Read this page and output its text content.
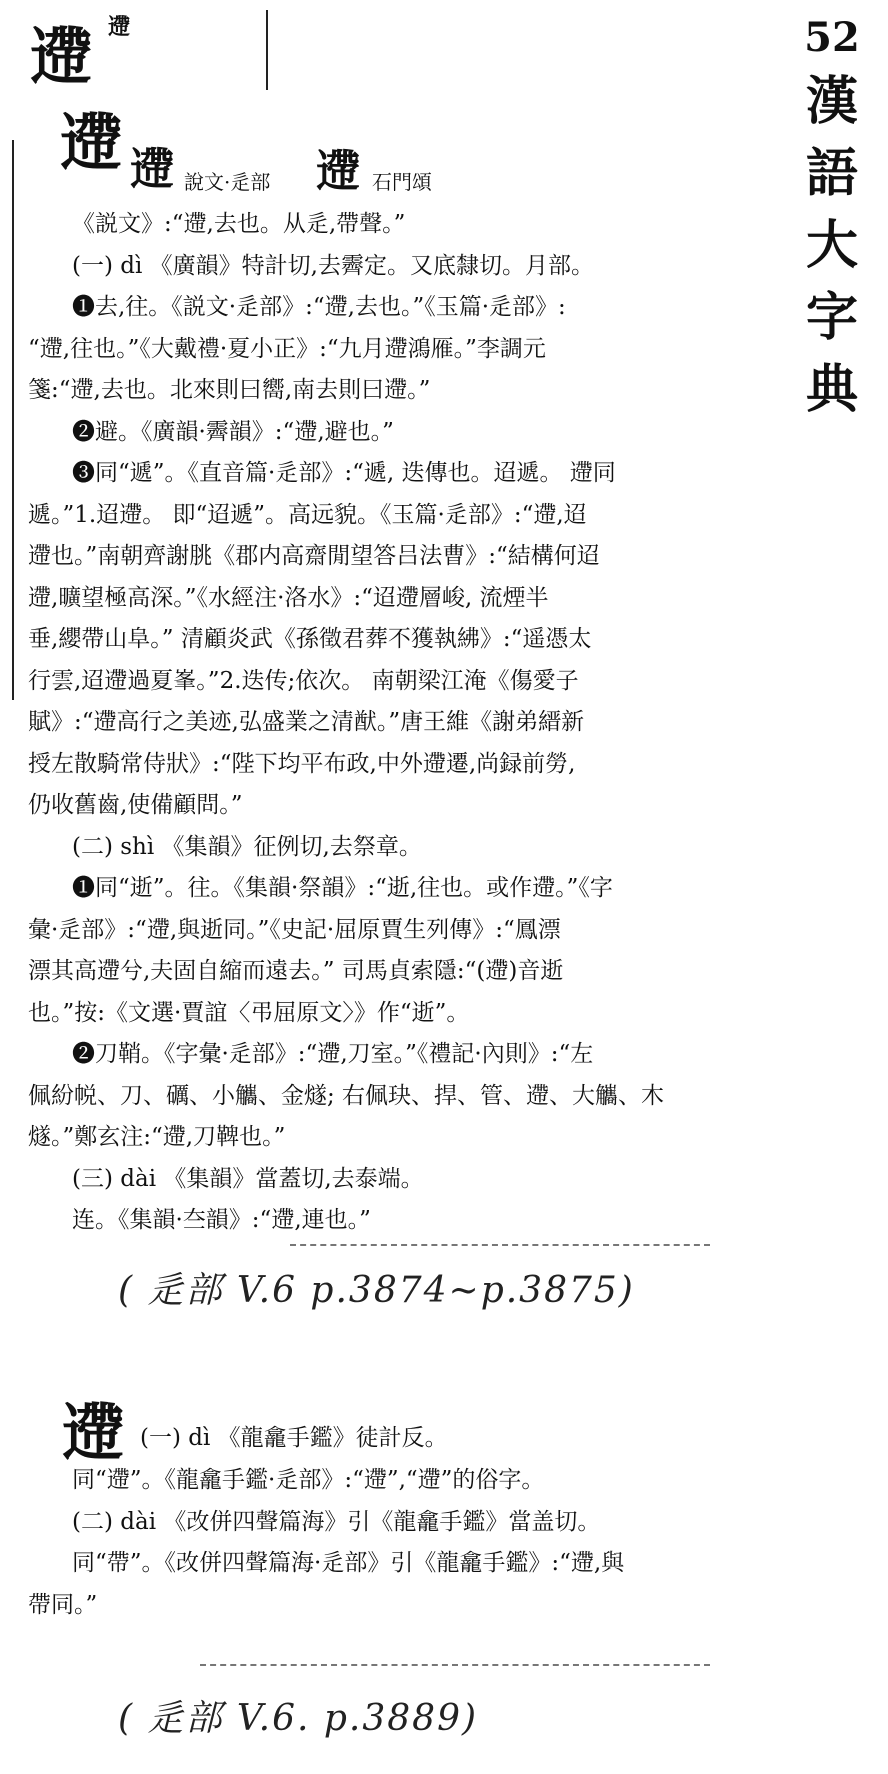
遰 遰	52
漢
語
大
字
典
遰 遰 說文·辵部 遰 石門頌

《説文》:“遰,去也。从辵,帶聲。”

(一) dì 《廣韻》特計切,去霽定。又底隸切。月部。

❶去,往。《説文·辵部》:“遰,去也。”《玉篇·辵部》:

“遰,往也。”《大戴禮·夏小正》:“九月遰鴻雁。”李調元

箋:“遰,去也。北來則曰嚮,南去則曰遰。”

❷避。《廣韻·霽韻》:“遰,避也。”

❸同“遞”。《直音篇·辵部》:“遞, 迭傳也。迢遞。 遰同

遞。”1.迢遰。 即“迢遞”。高远貌。《玉篇·辵部》:“遰,迢

遰也。”南朝齊謝朓《郡内高齋閒望答吕法曹》:“結構何迢

遰,曠望極高深。”《水經注·洛水》:“迢遰層峻, 流煙半

垂,纓帶山阜。” 清顧炎武《孫徵君葬不獲執紼》:“遥憑太

行雲,迢遰過夏峯。”2.迭传;依次。 南朝梁江淹《傷愛子

賦》:“遰高行之美迹,弘盛業之清猷。”唐王維《謝弟縉新

授左散騎常侍狀》:“陛下均平布政,中外遰遷,尚録前勞,

仍收舊齒,使備顧問。”

(二) shì 《集韻》征例切,去祭章。

❶同“逝”。往。《集韻·祭韻》:“逝,往也。或作遰。”《字

彙·辵部》:“遰,與逝同。”《史記·屈原賈生列傳》:“鳳漂

漂其高遰兮,夫固自縮而遠去。” 司馬貞索隱:“(遰)音逝

也。”按:《文選·賈誼〈弔屈原文〉》作“逝”。

❷刀鞘。《字彙·辵部》:“遰,刀室。”《禮記·內則》:“左

佩紛帨、刀、礪、小觿、金燧; 右佩玦、捍、管、遰、大觿、木

燧。”鄭玄注:“遰,刀鞞也。”

(三) dài 《集韻》當蓋切,去泰端。

连。《集韻·夳韻》:“遰,連也。”

( 辵部 V.6 p.3874~p.3875)
遰 (一) dì 《龍龕手鑑》徒計反。

同“遰”。《龍龕手鑑·辵部》:“遰”,“遰”的俗字。

(二) dài 《改併四聲篇海》引《龍龕手鑑》當盖切。

同“帶”。《改併四聲篇海·辵部》引《龍龕手鑑》:“遰,與

帶同。”

( 辵部 V.6. p.3889)
